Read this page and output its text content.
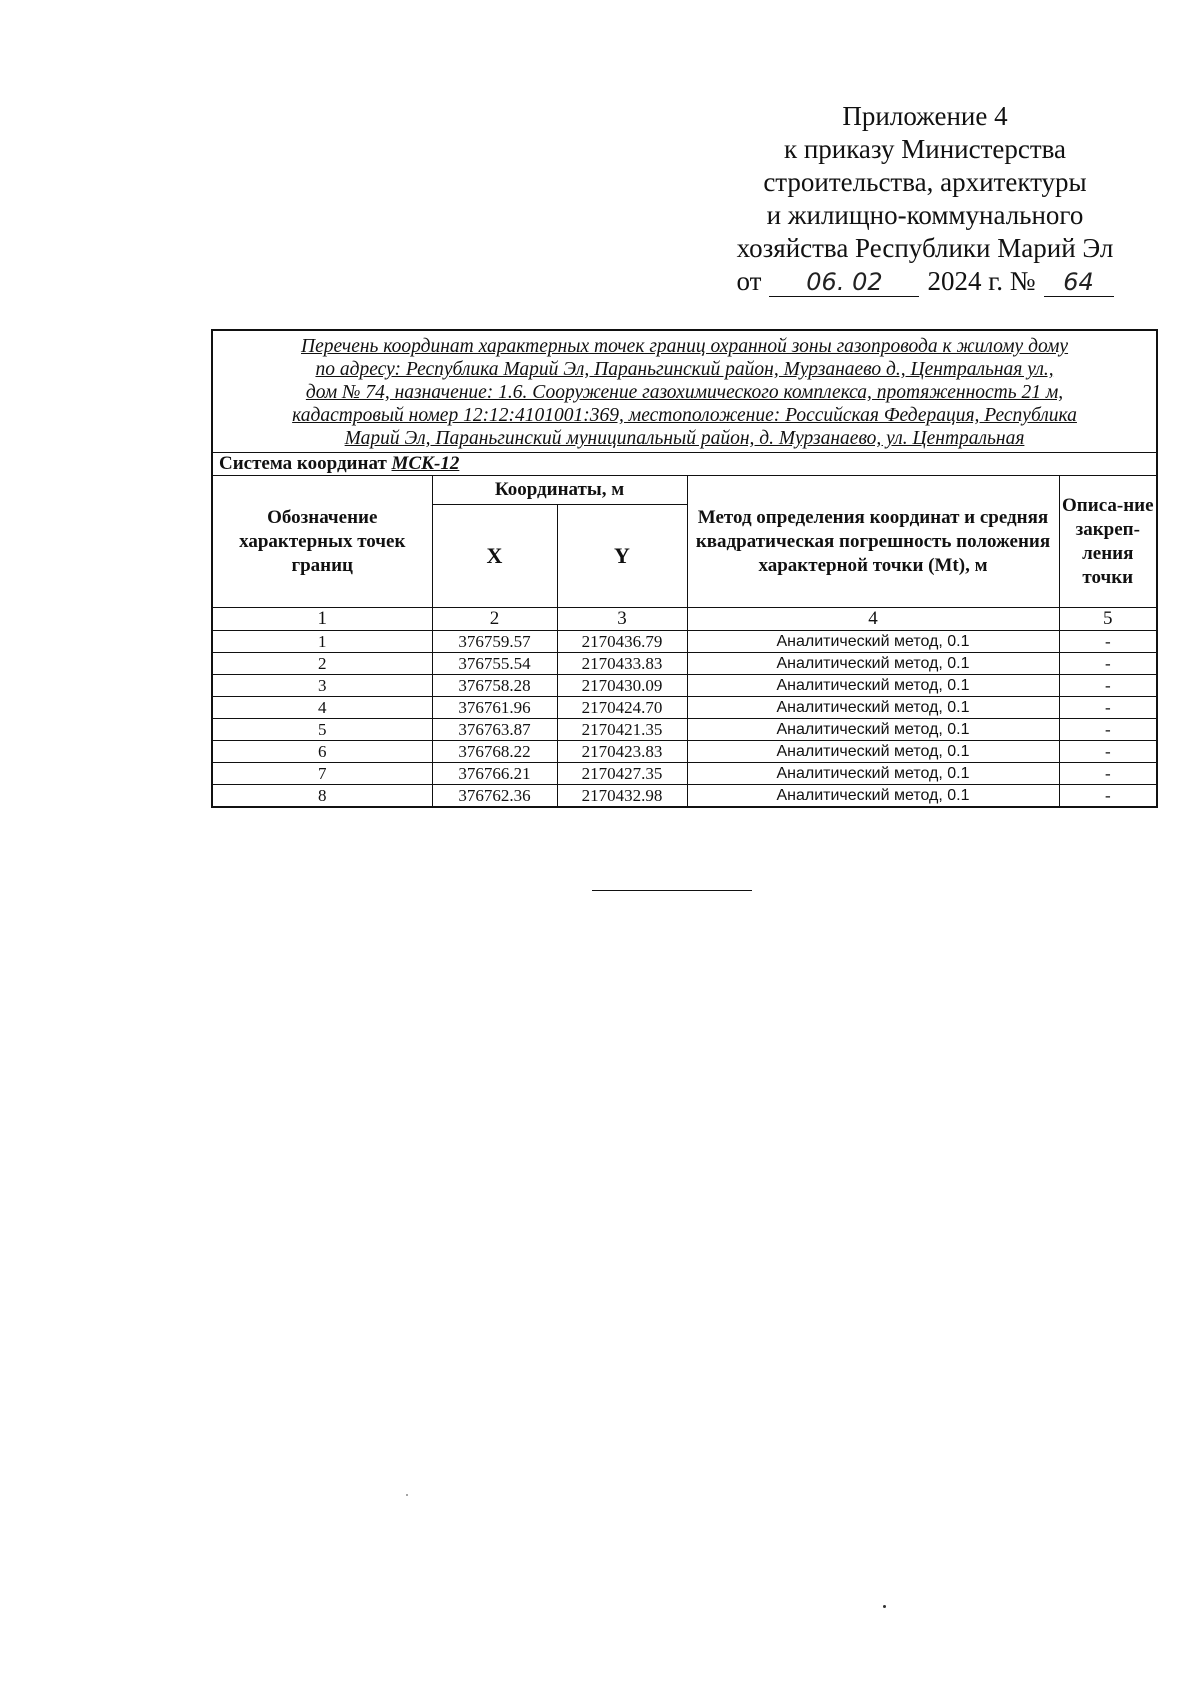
Приложение 4
к приказу Министерства
строительства, архитектуры
и жилищно-коммунального
хозяйства Республики Марий Эл
от	06. 02	2024 г. №	64
Перечень координат характерных точек границ охранной зоны газопровода к жилому дому
по адресу: Республика Марий Эл, Параньгинский район, Мурзанаево д., Центральная ул.,
дом № 74, назначение: 1.6. Сооружение газохимического комплекса, протяженность 21 м,
кадастровый номер 12:12:4101001:369, местоположение: Российская Федерация, Республика
Марий Эл, Параньгинский муниципальный район, д. Мурзанаево, ул. Центральная				

Система координат МСК-12				
Обозначение характерных точек границ	Координаты, м		Метод определения координат и средняя квадратическая погрешность положения характерной точки (Mt), м	Описа-ние закреп-ления точки
	X	Y		
1	2	3	4	5
1	376759.57	2170436.79	Аналитический метод, 0.1	-
2	376755.54	2170433.83	Аналитический метод, 0.1	-
3	376758.28	2170430.09	Аналитический метод, 0.1	-
4	376761.96	2170424.70	Аналитический метод, 0.1	-
5	376763.87	2170421.35	Аналитический метод, 0.1	-
6	376768.22	2170423.83	Аналитический метод, 0.1	-
7	376766.21	2170427.35	Аналитический метод, 0.1	-
8	376762.36	2170432.98	Аналитический метод, 0.1	-
